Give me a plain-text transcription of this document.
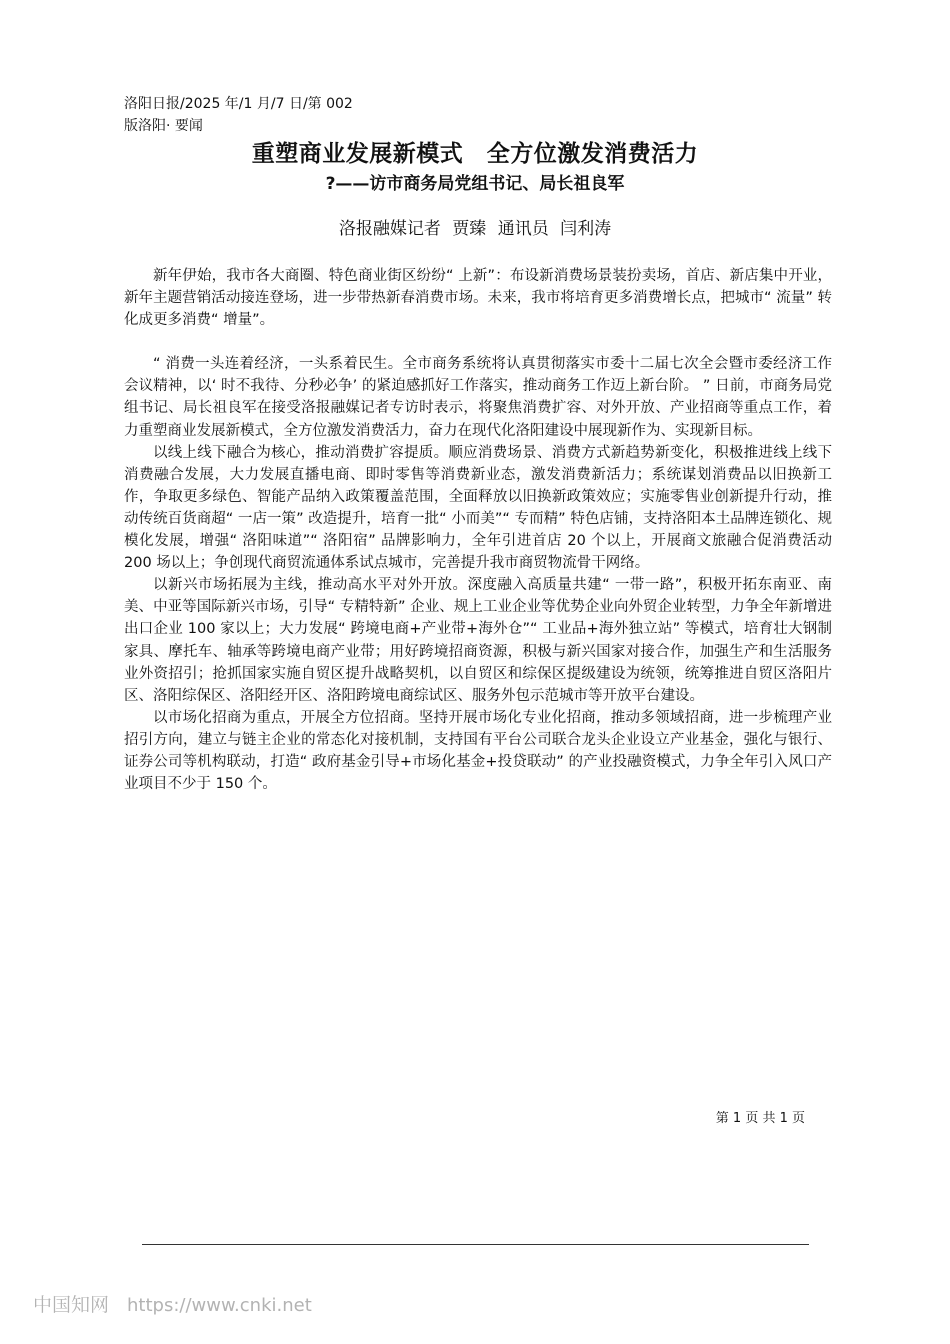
洛阳日报/2025 年/1 月/7 日/第 002
版洛阳· 要闻
重塑商业发展新模式　全方位激发消费活力
?——访市商务局党组书记、局长祖良军
洛报融媒记者 贾臻 通讯员 闫利涛

新年伊始，我市各大商圈、特色商业街区纷纷“ 上新”：布设新消费场景装扮卖场，首店、新店集中开业，新年主题营销活动接连登场，进一步带热新春消费市场。未来，我市将培育更多消费增长点，把城市“ 流量” 转化成更多消费“ 增量”。

“ 消费一头连着经济，一头系着民生。全市商务系统将认真贯彻落实市委十二届七次全会暨市委经济工作会议精神，以‘ 时不我待、分秒必争’ 的紧迫感抓好工作落实，推动商务工作迈上新台阶。 ” 日前，市商务局党组书记、局长祖良军在接受洛报融媒记者专访时表示，将聚焦消费扩容、对外开放、产业招商等重点工作，着力重塑商业发展新模式，全方位激发消费活力，奋力在现代化洛阳建设中展现新作为、实现新目标。

以线上线下融合为核心，推动消费扩容提质。顺应消费场景、消费方式新趋势新变化，积极推进线上线下消费融合发展，大力发展直播电商、即时零售等消费新业态，激发消费新活力；系统谋划消费品以旧换新工作，争取更多绿色、智能产品纳入政策覆盖范围，全面释放以旧换新政策效应；实施零售业创新提升行动，推动传统百货商超“ 一店一策” 改造提升，培育一批“ 小而美”“ 专而精” 特色店铺，支持洛阳本土品牌连锁化、规模化发展，增强“ 洛阳味道”“ 洛阳宿” 品牌影响力，全年引进首店 20 个以上，开展商文旅融合促消费活动 200 场以上；争创现代商贸流通体系试点城市，完善提升我市商贸物流骨干网络。

以新兴市场拓展为主线，推动高水平对外开放。深度融入高质量共建“ 一带一路”，积极开拓东南亚、南美、中亚等国际新兴市场，引导“ 专精特新” 企业、规上工业企业等优势企业向外贸企业转型，力争全年新增进出口企业 100 家以上；大力发展“ 跨境电商+产业带+海外仓”“ 工业品+海外独立站” 等模式，培育壮大钢制家具、摩托车、轴承等跨境电商产业带；用好跨境招商资源，积极与新兴国家对接合作，加强生产和生活服务业外资招引；抢抓国家实施自贸区提升战略契机，以自贸区和综保区提级建设为统领，统筹推进自贸区洛阳片区、洛阳综保区、洛阳经开区、洛阳跨境电商综试区、服务外包示范城市等开放平台建设。

以市场化招商为重点，开展全方位招商。坚持开展市场化专业化招商，推动多领域招商，进一步梳理产业招引方向，建立与链主企业的常态化对接机制，支持国有平台公司联合龙头企业设立产业基金，强化与银行、证券公司等机构联动，打造“ 政府基金引导+市场化基金+投贷联动” 的产业投融资模式，力争全年引入风口产业项目不少于 150 个。

第 1 页 共 1 页
中国知网 https://www.cnki.net
